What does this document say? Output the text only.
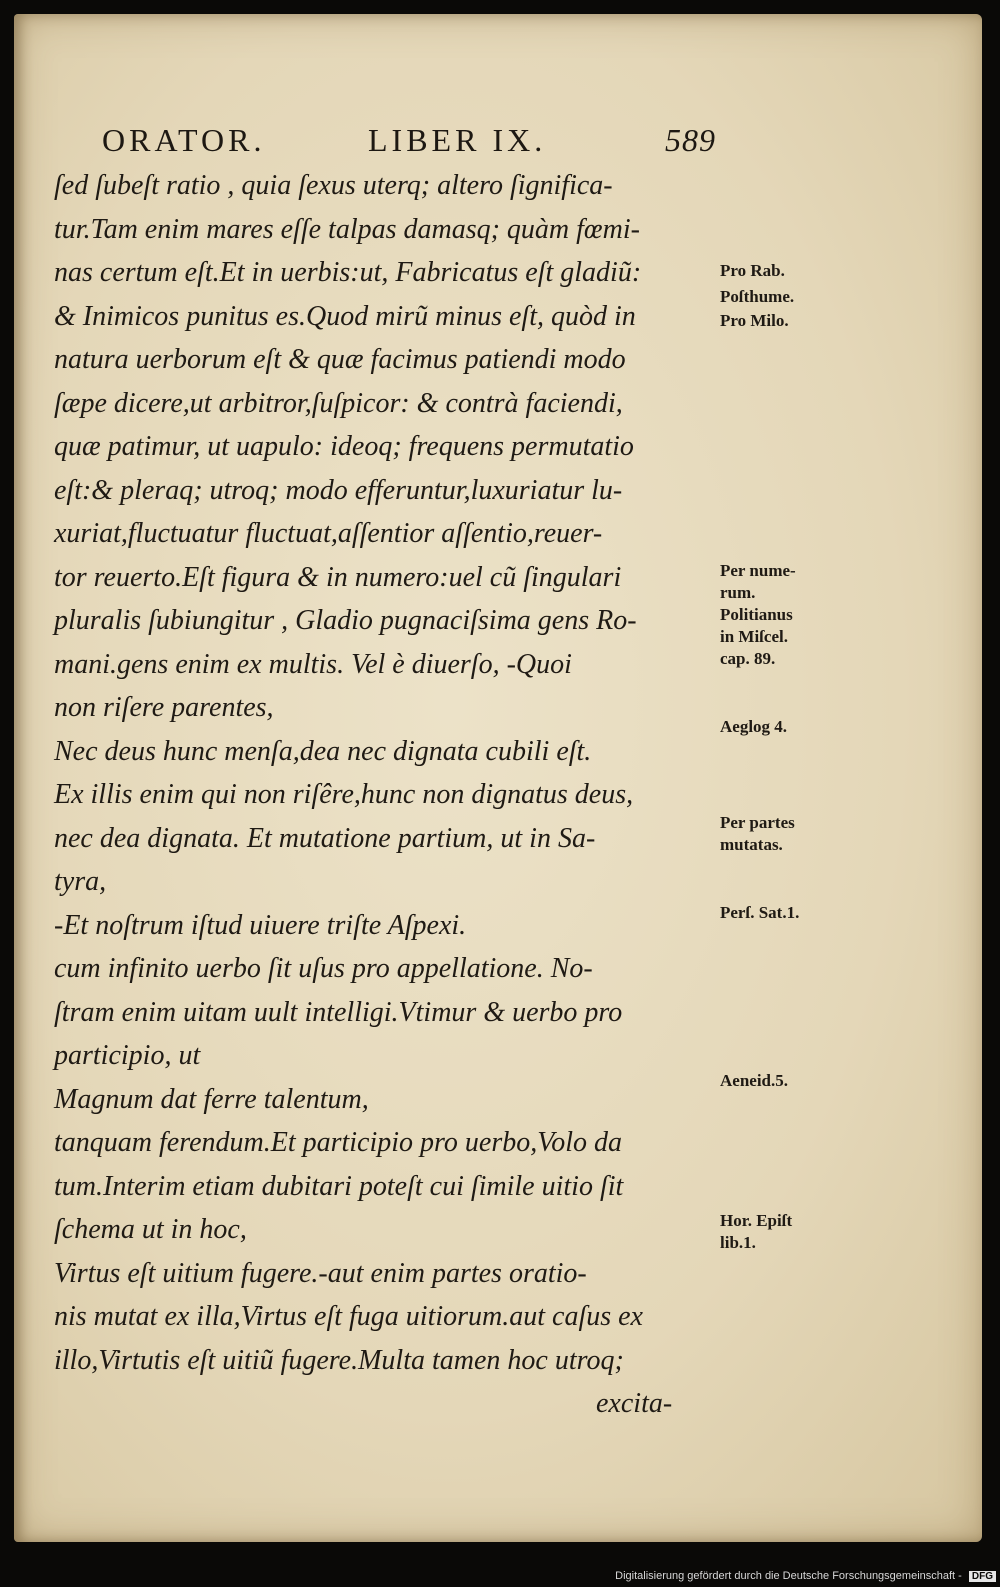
ORATOR.	LIBER IX.	589

ſed ſubeſt ratio , quia ſexus uterq; altero ſignifica-

tur.Tam enim mares eſſe talpas damasq; quàm fœmi-

nas certum eſt.Et in uerbis:ut, Fabricatus eſt gladiũ:

& Inimicos punitus es.Quod mirũ minus eſt, quòd in

natura uerborum eſt & quæ facimus patiendi modo

ſæpe dicere,ut arbitror,ſuſpicor: & contrà faciendi,

quæ patimur, ut uapulo: ideoq; frequens permutatio

eſt:& pleraq; utroq; modo efferuntur,luxuriatur lu-

xuriat,fluctuatur fluctuat,aſſentior aſſentio,reuer-

tor reuerto.Eſt figura & in numero:uel cũ ſingulari

pluralis ſubiungitur , Gladio pugnaciſsima gens Ro-

mani.gens enim ex multis. Vel è diuerſo, -Quoi

non riſere parentes,

Nec deus hunc menſa,dea nec dignata cubili eſt.

Ex illis enim qui non riſêre,hunc non dignatus deus,

nec dea dignata. Et mutatione partium, ut in Sa-

tyra,

-Et noſtrum iſtud uiuere triſte Aſpexi.

cum infinito uerbo ſit uſus pro appellatione. No-

ſtram enim uitam uult intelligi.Vtimur & uerbo pro

participio, ut

Magnum dat ferre talentum,

tanquam ferendum.Et participio pro uerbo,Volo da

tum.Interim etiam dubitari poteſt cui ſimile uitio ſit

ſchema ut in hoc,

Virtus eſt uitium fugere.-aut enim partes oratio-

nis mutat ex illa,Virtus eſt fuga uitiorum.aut caſus ex

illo,Virtutis eſt uitiũ fugere.Multa tamen hoc utroq;

excita-

Pro Rab.

Poſthume.

Pro Milo.

Per nume-

rum.

Politianus

in Miſcel.

cap. 89.

Aeglog 4.

Per partes

mutatas.

Perſ. Sat.1.

Aeneid.5.

Hor. Epiſt

lib.1.

Digitalisierung gefördert durch die Deutsche Forschungsgemeinschaft - DFG
